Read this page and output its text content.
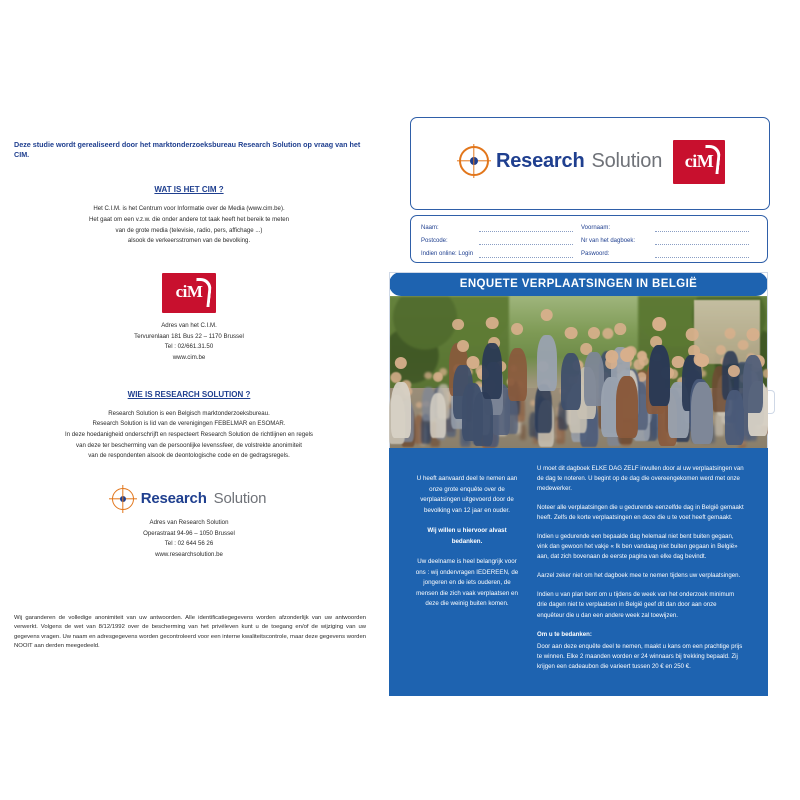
Deze studie wordt gerealiseerd door het marktonderzoeksbureau Research Solution op vraag van het CIM.
WAT IS HET CIM ?
Het C.I.M. is het Centrum voor Informatie over de Media (www.cim.be).
Het gaat om een v.z.w. die onder andere tot taak heeft het bereik te meten
van de grote media (televisie, radio, pers, affichage ...)
alsook de verkeersstromen van de bevolking.
ciM
Adres van het C.I.M.
Tervurenlaan 181 Bus 22 – 1170 Brussel
Tel : 02/661.31.50
www.cim.be
WIE IS RESEARCH SOLUTION ?
Research Solution is een Belgisch marktonderzoeksbureau.
Research Solution is lid van de verenigingen FEBELMAR en ESOMAR.
In deze hoedanigheid onderschrijft en respecteert Research Solution de richtlijnen en regels
van deze ter bescherming van de persoonlijke levenssfeer, de volstrekte anonimiteit
van de respondenten alsook de deontologische code en de gedragsregels.
Research Solution
Adres van Research Solution
Operastraat 94-96 – 1050 Brussel
Tel : 02 644 56 26
www.researchsolution.be
Wij garanderen de volledige anonimiteit van uw antwoorden. Alle identificatiegegevens worden afzonderlijk van uw antwoorden verwerkt. Volgens de wet van 8/12/1992 over de bescherming van het privéleven kunt u de toegang en/of de wijziging van uw gegevens vragen. Uw naam en adresgegevens worden gecontroleerd voor een interne kwaliteitscontrole, maar deze gegevens worden NOOIT aan derden meegedeeld.
Research Solution	ciM
Naam:	Voornaam:
Postcode:	Nr van het dagboek:
Indien online: Login	Paswoord:
ENQUETE VERPLAATSINGEN IN BELGIË

U heeft aanvaard deel te nemen aan onze grote enquête over de verplaatsingen uitgevoerd door de bevolking van 12 jaar en ouder.

Wij willen u hiervoor alvast bedanken.

Uw deelname is heel belangrijk voor ons : wij ondervragen IEDEREEN, de jongeren en de iets ouderen, de mensen die zich vaak verplaatsen en deze die weinig buiten komen.

U moet dit dagboek ELKE DAG ZELF invullen door al uw verplaatsingen van de dag te noteren. U begint op de dag die overeengekomen werd met onze medewerker.

Noteer alle verplaatsingen die u gedurende eenzelfde dag in België gemaakt heeft. Zelfs de korte verplaatsingen en deze die u te voet heeft gemaakt.

Indien u gedurende een bepaalde dag helemaal niet bent buiten gegaan, vink dan gewoon het vakje « Ik ben vandaag niet buiten gegaan in België» aan, dat zich bovenaan de eerste pagina van elke dag bevindt.

Aarzel zeker niet om het dagboek mee te nemen tijdens uw verplaatsingen.

Indien u van plan bent om u tijdens de week van het onderzoek minimum drie dagen niet te verplaatsen in België geef dit dan door aan onze enquêteur die u dan een andere week zal toewijzen.

Om u te bedanken:

Door aan deze enquête deel te nemen, maakt u kans om een prachtige prijs te winnen. Elke 2 maanden worden er 24 winnaars bij trekking bepaald. Zij krijgen een cadeaubon die varieert tussen 20 € en 250 €.
